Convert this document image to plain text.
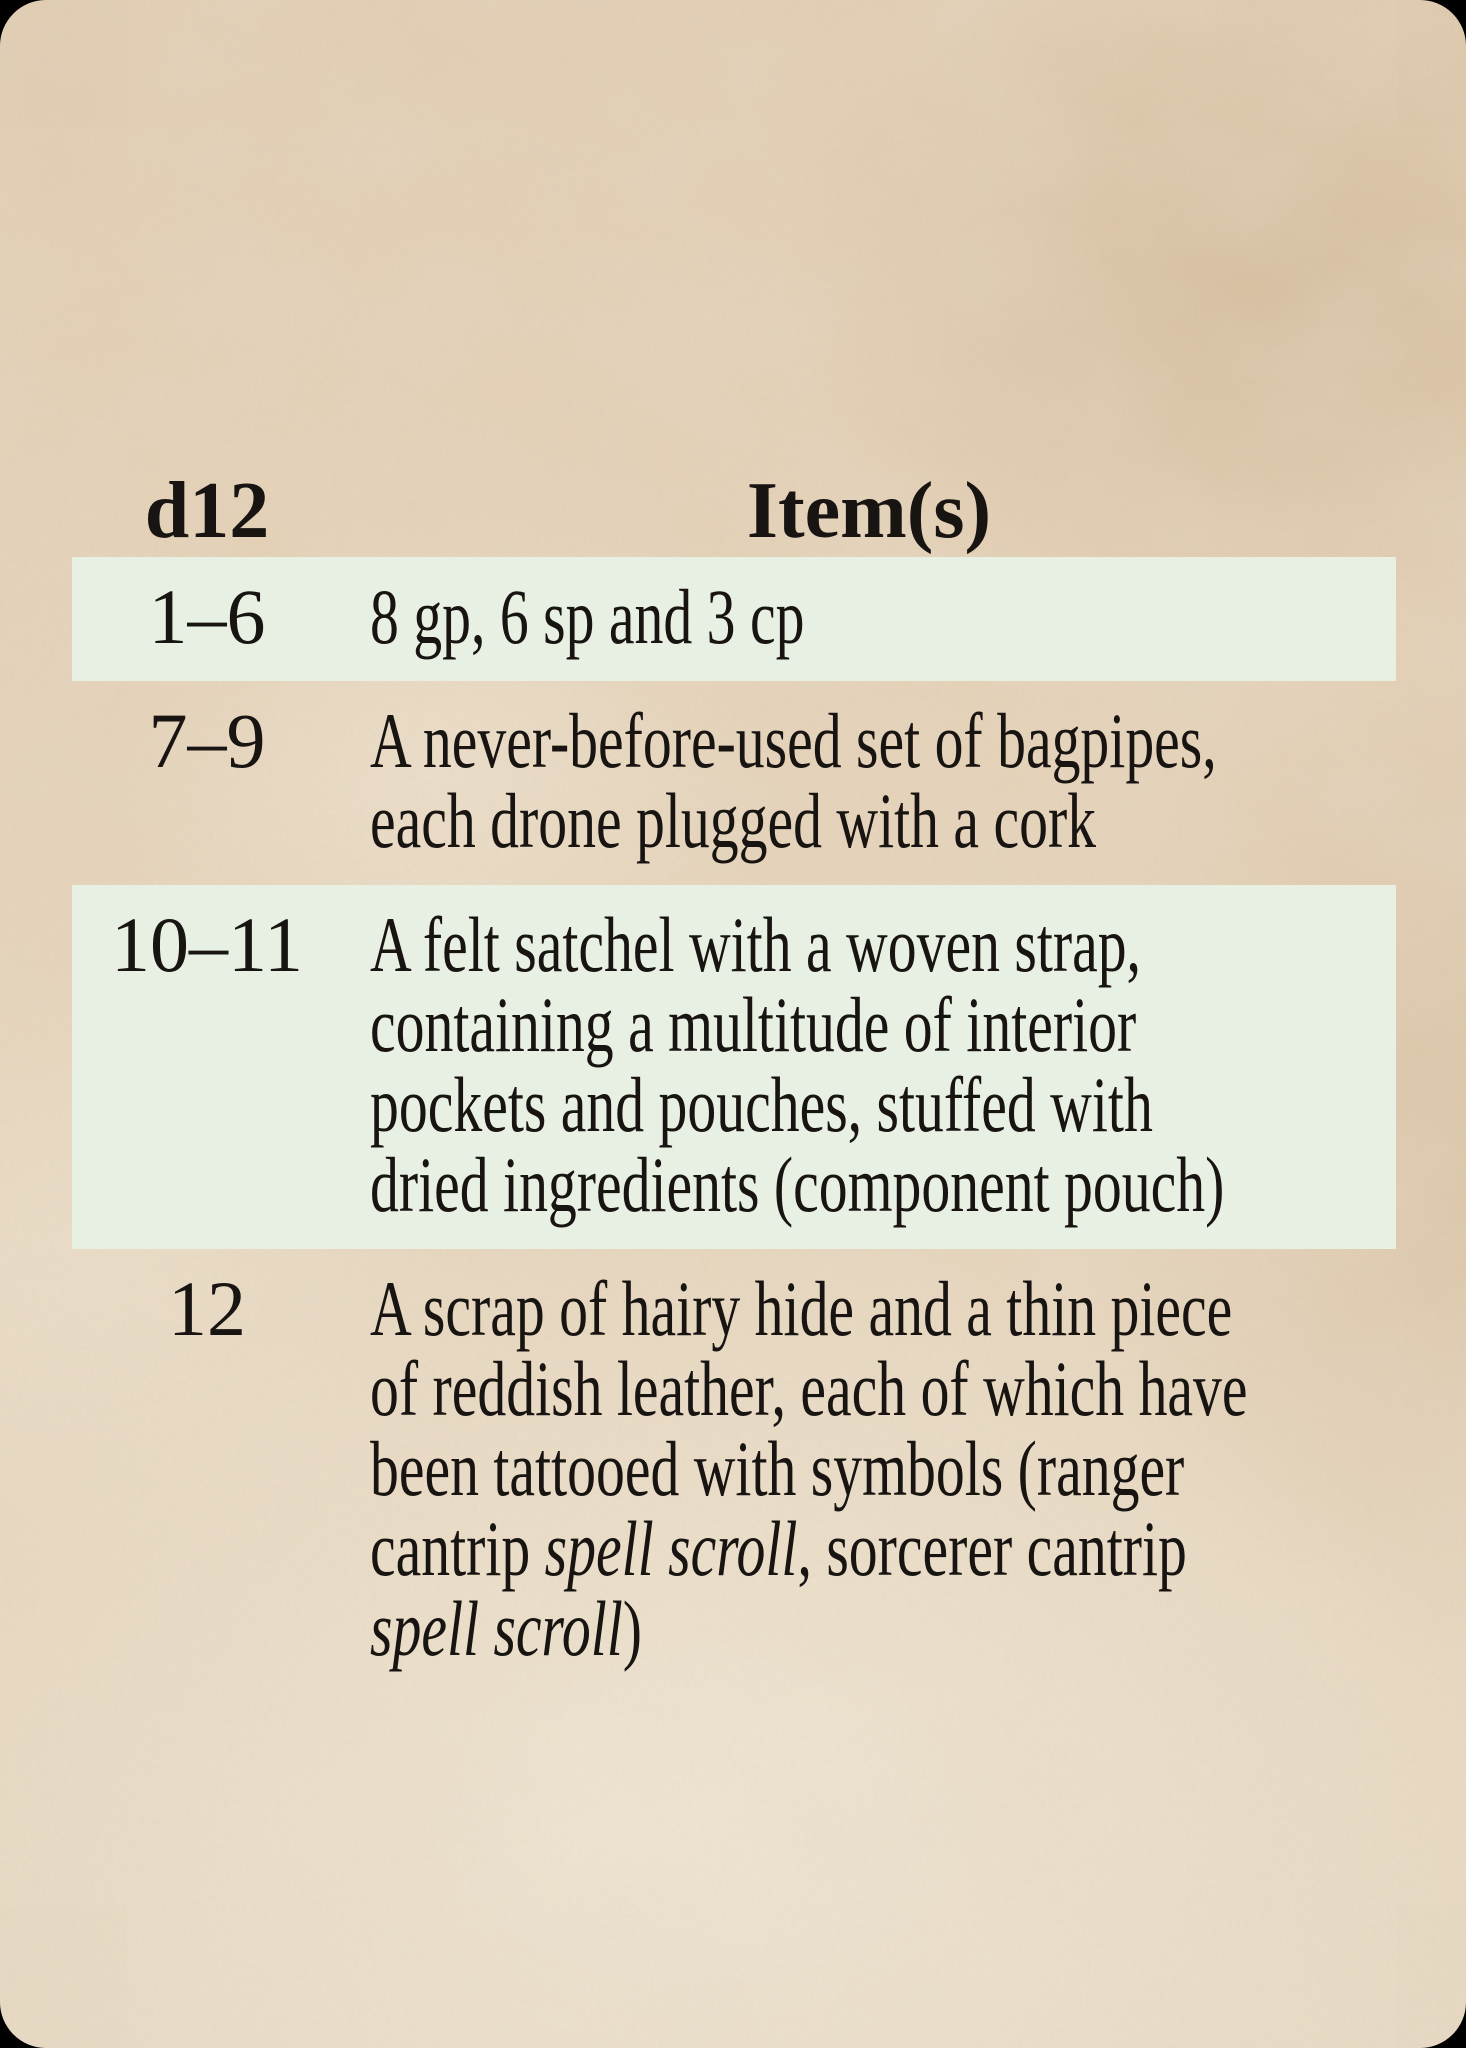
d12	Item(s)
1–6	8 gp, 6 sp and 3 cp
7–9	A never-before-used set of bagpipes,
each drone plugged with a cork
10–11 A felt satchel with a woven strap,
containing a multitude of interior
pockets and pouches, stuffed with
dried ingredients (component pouch)
12	A scrap of hairy hide and a thin piece
of reddish leather, each of which have
been tattooed with symbols (ranger
cantrip spell scroll, sorcerer cantrip
spell scroll)
